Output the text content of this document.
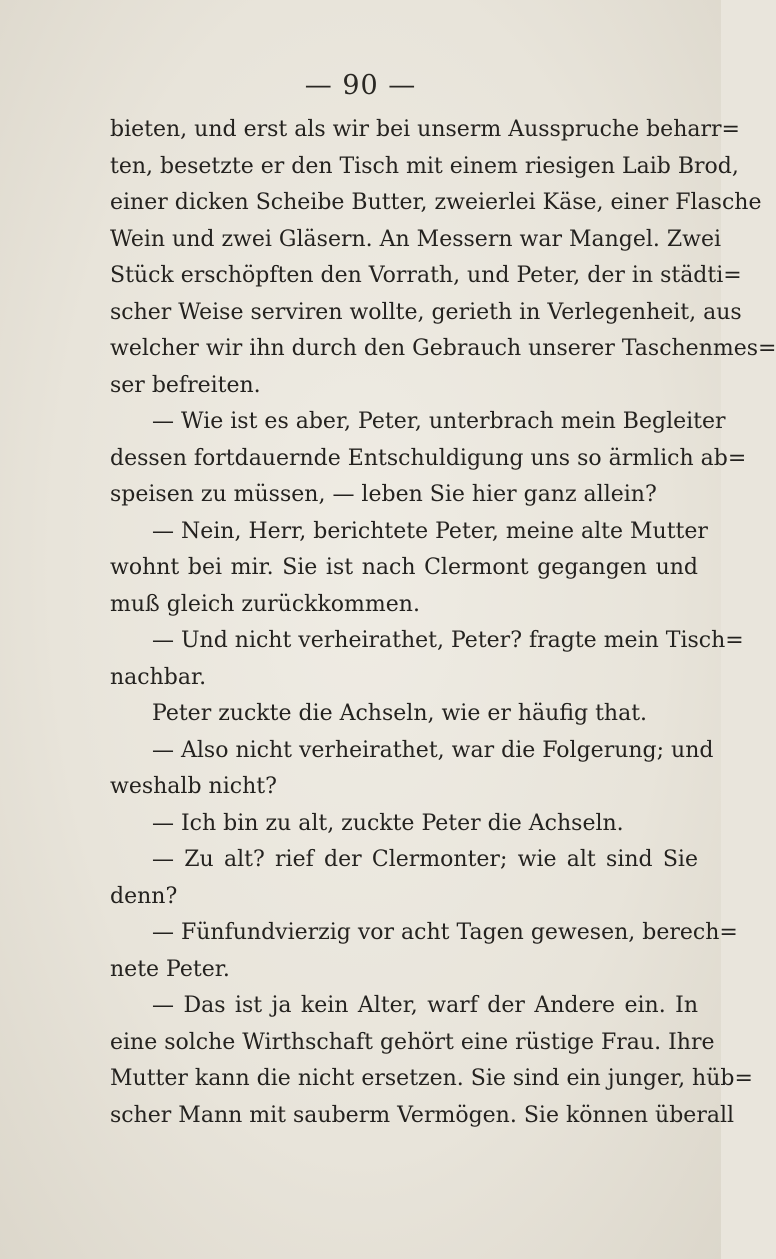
— 90 —
bieten, und erst als wir bei unserm Ausspruche beharr=
ten, besetzte er den Tisch mit einem riesigen Laib Brod,
einer dicken Scheibe Butter, zweierlei Käse, einer Flasche
Wein und zwei Gläsern. An Messern war Mangel. Zwei
Stück erschöpften den Vorrath, und Peter, der in städti=
scher Weise serviren wollte, gerieth in Verlegenheit, aus
welcher wir ihn durch den Gebrauch unserer Taschenmes=
ser befreiten.
— Wie ist es aber, Peter, unterbrach mein Begleiter
dessen fortdauernde Entschuldigung uns so ärmlich ab=
speisen zu müssen, — leben Sie hier ganz allein?
— Nein, Herr, berichtete Peter, meine alte Mutter
wohnt bei mir. Sie ist nach Clermont gegangen und
muß gleich zurückkommen.
— Und nicht verheirathet, Peter? fragte mein Tisch=
nachbar.
Peter zuckte die Achseln, wie er häufig that.
— Also nicht verheirathet, war die Folgerung; und
weshalb nicht?
— Ich bin zu alt, zuckte Peter die Achseln.
— Zu alt? rief der Clermonter; wie alt sind Sie
denn?
— Fünfundvierzig vor acht Tagen gewesen, berech=
nete Peter.
— Das ist ja kein Alter, warf der Andere ein. In
eine solche Wirthschaft gehört eine rüstige Frau. Ihre
Mutter kann die nicht ersetzen. Sie sind ein junger, hüb=
scher Mann mit sauberm Vermögen. Sie können überall
